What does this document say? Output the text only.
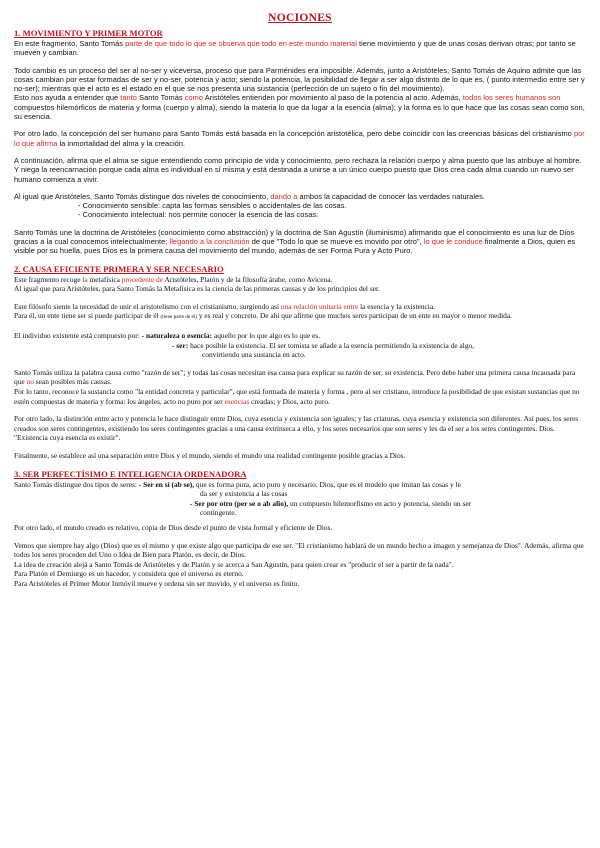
NOCIONES
1. MOVIMIENTO Y PRIMER MOTOR

En este fragmento, Santo Tomás parte de que todo lo que se observa que todo en este mundo material tiene movimiento y que de unas cosas derivan otras; por tanto se mueven y cambian.

Todo cambio es un proceso del ser al no-ser y viceversa, proceso que para Parménides era imposible. Además, junto a Aristóteles, Santo Tomás de Aquino admite que las cosas cambian por estar formadas de ser y no-ser, potencia y acto; siendo la potencia, la posibilidad de llegar a ser algo distinto de lo que es, ( punto intermedio entre ser y no-ser); mientras que el acto es el estado en el que se nos presenta una sustancia (perfección de un sujeto o fin del movimiento).
Esto nos ayuda a entender que tanto Santo Tomás como Aristóteles entienden por movimiento al paso de la potencia al acto. Además, todos los seres humanos son compuestos hilemórficos de materia y forma (cuerpo y alma), siendo la materia lo que da lugar a la esencia (alma); y la forma es lo que hace que las cosas sean como son, su esencia.

Por otro lado, la concepción del ser humano para Santo Tomás está basada en la concepción aristotélica, pero debe coincidir con las creencias básicas del cristianismo por lo que afirma la inmortalidad del alma y la creación.

A continuación, afirma que el alma se sigue entendiendo como principio de vida y conocimiento, pero rechaza la relación cuerpo y alma puesto que las atribuye al hombre. Y niega la reencarnación porque cada alma es individual en sí misma y está destinada a unirse a un único cuerpo puesto que Dios crea cada alma cuando un nuevo ser humano comienza a vivir.

Al igual que Aristóteles, Santo Tomás distingue dos niveles de conocimiento, dando a ambos la capacidad de conocer las verdades naturales.

- Conocimiento sensible: capta las formas sensibles o accidentales de las cosas.

- Conocimiento intelectual: nos permite conocer la esencia de las cosas.

Santo Tomás une la doctrina de Aristóteles (conocimiento como abstracción) y la doctrina de San Agustín (iluminismo) afirmando que el conocimiento es una luz de Dios gracias a la cual conocemos intelectualmente; llegando a la conclusión de que "Todo lo que se mueve es movido por otro", lo que le conduce finalmente a Dios, quien es visible por su huella, pues Dios es la primera causa del movimiento del mundo, además de ser Forma Pura y Acto Puro.

2. CAUSA EFICIENTE PRIMERA Y SER NECESARIO

Este fragmento recoge la metafísica procedente de Aristóteles, Platón y de la filosofía árabe, como Avicena.

Al igual que para Aristóteles, para Santo Tomás la Metafísica es la ciencia de las primeras causas y de los principios del ser.

Este filósofo siente la necesidad de unir el aristotelismo con el cristianismo, surgiendo así una relación unitaria entre la esencia y la existencia.

Para él, un ente tiene ser si puede participar de él (tiene parte de él) y es real y concreto. De ahí que afirme que muchos seres participan de un ente en mayor o menor medida.

El individuo existente está compuesto por: - naturaleza o esencia: aquello por lo que algo es lo que es.

- ser: hace posible la existencia. El ser tomista se añade a la esencia permitiendo la existencia de algo,

convirtiendo una sustancia en acto.

Santo Tomás utiliza la palabra causa como "razón de ser"; y todas las cosas necesitan esa causa para explicar su razón de ser, su existencia. Pero debe haber una primera causa incausada para que no sean posibles más causas.

Por lo tanto, reconoce la sustancia como "la entidad concreta y particular", que está formada de materia y forma , pero al ser cristiano, introduce la posibilidad de que existan sustancias que no estén compuestas de materia y forma: los ángeles, acto no puro por ser esencias creadas; y Dios, acto puro.

Por otro lado, la distinción entre acto y potencia le hace distinguir entre Dios, cuya esencia y existencia son iguales; y las criaturas, cuya esencia y existencia son diferentes. Así pues, los seres creados son seres contingentes, existiendo los seres contingentes gracias a una causa extrínseca a ello, y los seres necesarios que son seres y les da el ser a los seres contingentes. Dios. "Existencia cuya esencia es existir".

Finalmente, se establece así una separación entre Dios y el mundo, siendo el mundo una realidad contingente posible gracias a Dios.

3. SER PERFECTÍSIMO E INTELIGENCIA ORDENADORA

Santo Tomás distingue dos tipos de seres: - Ser en sí (ab se), que es forma pura, acto puro y necesario. Dios, que es el modelo que imitan las cosas y le

da ser y existencia a las cosas

- Ser por otro (per se o ab alio), un compuesto hilemorfismo en acto y potencia, siendo un ser

contingente.

Por otro lado, el mundo creado es relativo, copia de Dios desde el punto de vista formal y eficiente de Dios.

Vemos que siempre hay algo (Dios) que es el mismo y que existe algo que participa de ese ser. "El cristianismo hablará de un mundo hecho a imagen y semejanza de Dios". Además, afirma que todos los seres proceden del Uno o Idea de Bien para Platón, es decir, de Dios.

La idea de creación alejá a Santo Tomás de Aristóteles y de Platón y se acerca a San Agustín, para quien crear es "producir el ser a partir de la nada".

Para Platón el Demiurgo es un hacedor, y considera que el universo es eterno.

Para Aristóteles el Primer Motor Inmóvil mueve y ordena sin ser movido, y el universo es finito.
